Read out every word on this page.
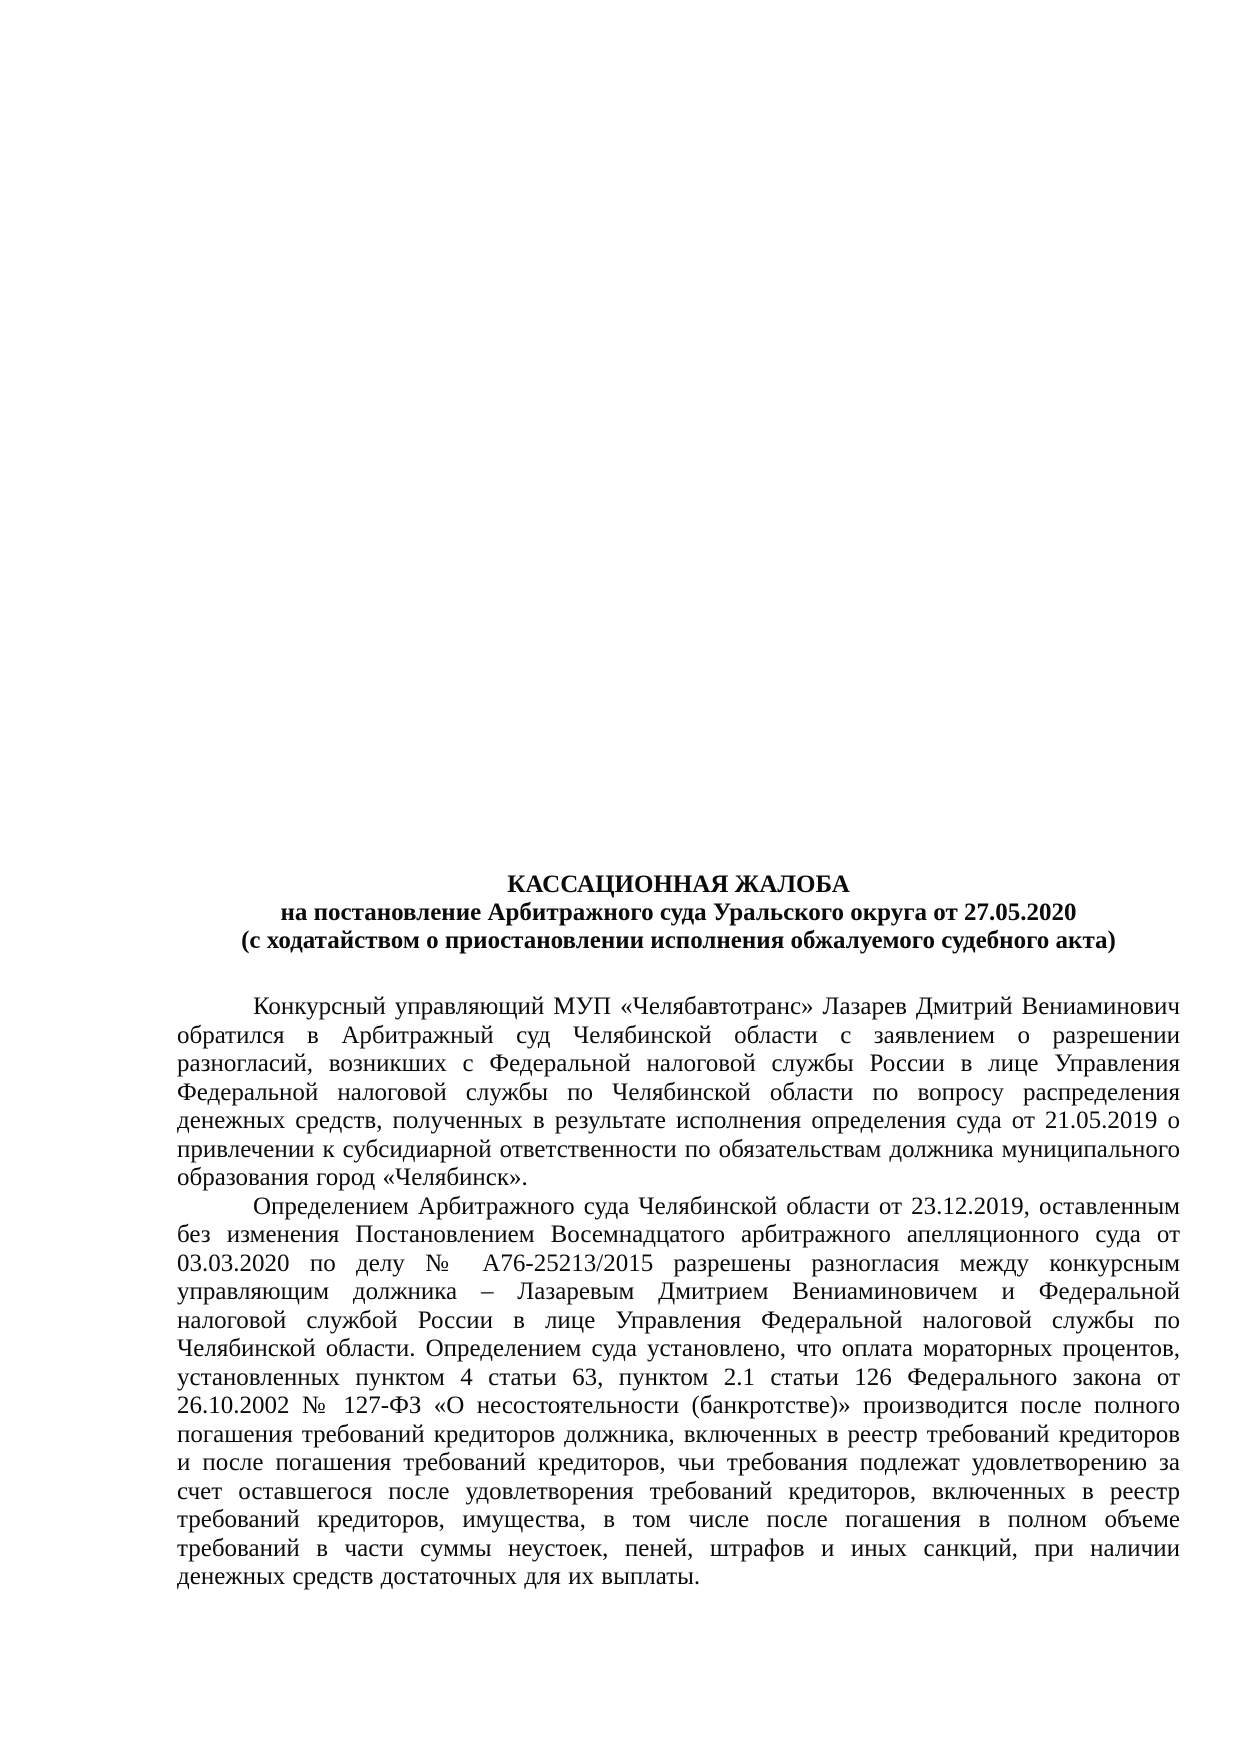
КАССАЦИОННАЯ ЖАЛОБА
на постановление Арбитражного суда Уральского округа от 27.05.2020
(с ходатайством о приостановлении исполнения обжалуемого судебного акта)

Конкурсный управляющий МУП «Челябавтотранс» Лазарев Дмитрий Вениаминович обратился в Арбитражный суд Челябинской области с заявлением о разрешении разногласий, возникших с Федеральной налоговой службы России в лице Управления Федеральной налоговой службы по Челябинской области по вопросу распределения денежных средств, полученных в результате исполнения определения суда от 21.05.2019 о привлечении к субсидиарной ответственности по обязательствам должника муниципального образования город «Челябинск».

Определением Арбитражного суда Челябинской области от 23.12.2019, оставленным без изменения Постановлением Восемнадцатого арбитражного апелляционного суда от 03.03.2020 по делу № А76-25213/2015 разрешены разногласия между конкурсным управляющим должника – Лазаревым Дмитрием Вениаминовичем и Федеральной налоговой службой России в лице Управления Федеральной налоговой службы по Челябинской области. Определением суда установлено, что оплата мораторных процентов, установленных пунктом 4 статьи 63, пунктом 2.1 статьи 126 Федерального закона от 26.10.2002 № 127-ФЗ «О несостоятельности (банкротстве)» производится после полного погашения требований кредиторов должника, включенных в реестр требований кредиторов и после погашения требований кредиторов, чьи требования подлежат удовлетворению за счет оставшегося после удовлетворения требований кредиторов, включенных в реестр требований кредиторов, имущества, в том числе после погашения в полном объеме требований в части суммы неустоек, пеней, штрафов и иных санкций, при наличии денежных средств достаточных для их выплаты.
